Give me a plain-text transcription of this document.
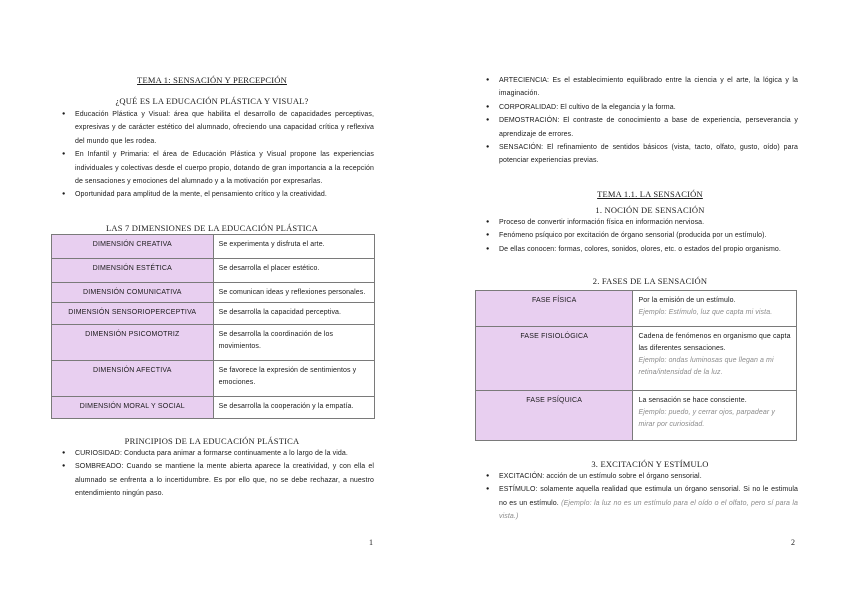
TEMA 1: SENSACIÓN Y PERCEPCIÓN
¿QUÉ ES LA EDUCACIÓN PLÁSTICA Y VISUAL?
● Educación Plástica y Visual: área que habilita el desarrollo de capacidades perceptivas, expresivas y de carácter estético del alumnado, ofreciendo una capacidad crítica y reflexiva del mundo que les rodea.
● En Infantil y Primaria: el área de Educación Plástica y Visual propone las experiencias individuales y colectivas desde el cuerpo propio, dotando de gran importancia a la recepción de sensaciones y emociones del alumnado y a la motivación por expresarlas.
● Oportunidad para amplitud de la mente, el pensamiento crítico y la creatividad.
LAS 7 DIMENSIONES DE LA EDUCACIÓN PLÁSTICA
DIMENSIÓN CREATIVA	Se experimenta y disfruta el arte.
DIMENSIÓN ESTÉTICA	Se desarrolla el placer estético.
DIMENSIÓN COMUNICATIVA	Se comunican ideas y reflexiones personales.
DIMENSIÓN SENSORIOPERCEPTIVA	Se desarrolla la capacidad perceptiva.
DIMENSIÓN PSICOMOTRIZ	Se desarrolla la coordinación de los movimientos.
DIMENSIÓN AFECTIVA	Se favorece la expresión de sentimientos y emociones.
DIMENSIÓN MORAL Y SOCIAL	Se desarrolla la cooperación y la empatía.
PRINCIPIOS DE LA EDUCACIÓN PLÁSTICA
● CURIOSIDAD: Conducta para animar a formarse continuamente a lo largo de la vida.
● SOMBREADO: Cuando se mantiene la mente abierta aparece la creatividad, y con ella el alumnado se enfrenta a lo incertidumbre. Es por ello que, no se debe rechazar, a nuestro entendimiento ningún paso.
1
● ARTECIENCIA: Es el establecimiento equilibrado entre la ciencia y el arte, la lógica y la imaginación.
● CORPORALIDAD: El cultivo de la elegancia y la forma.
● DEMOSTRACIÓN: El contraste de conocimiento a base de experiencia, perseverancia y aprendizaje de errores.
● SENSACIÓN: El refinamiento de sentidos básicos (vista, tacto, olfato, gusto, oído) para potenciar experiencias previas.
TEMA 1.1. LA SENSACIÓN
1. NOCIÓN DE SENSACIÓN
● Proceso de convertir información física en información nerviosa.
● Fenómeno psíquico por excitación de órgano sensorial (producida por un estímulo).
● De ellas conocen: formas, colores, sonidos, olores, etc. o estados del propio organismo.
2. FASES DE LA SENSACIÓN
FASE FÍSICA	Por la emisión de un estímulo.
Ejemplo: Estímulo, luz que capta mi vista.

FASE FISIOLÓGICA	Cadena de fenómenos en organismo que capta las diferentes sensaciones.
Ejemplo: ondas luminosas que llegan a mi retina/intensidad de la luz.

FASE PSÍQUICA	La sensación se hace consciente.
Ejemplo: puedo, y cerrar ojos, parpadear y mirar por curiosidad.
3. EXCITACIÓN Y ESTÍMULO
● EXCITACIÓN: acción de un estímulo sobre el órgano sensorial.
● ESTÍMULO: solamente aquella realidad que estimula un órgano sensorial. Si no le estimula no es un estímulo. (Ejemplo: la luz no es un estímulo para el oído o el olfato, pero sí para la vista.)
2
